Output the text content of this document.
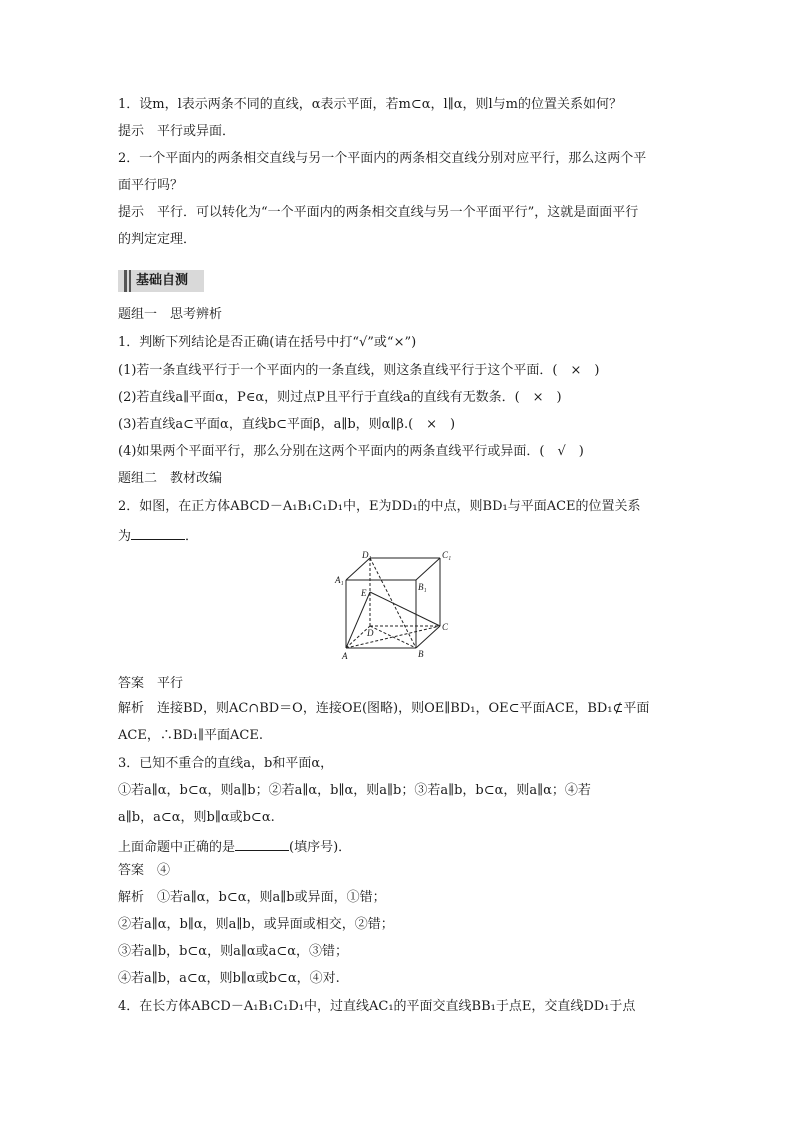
基础自测
1．设m，l表示两条不同的直线，α表示平面，若m⊂α，l∥α，则l与m的位置关系如何？
提示　平行或异面．
2．一个平面内的两条相交直线与另一个平面内的两条相交直线分别对应平行，那么这两个平
面平行吗？
提示　平行．可以转化为“一个平面内的两条相交直线与另一个平面平行”，这就是面面平行
的判定定理．
题组一　思考辨析
1．判断下列结论是否正确(请在括号中打“√”或“×”)
(1)若一条直线平行于一个平面内的一条直线，则这条直线平行于这个平面．(　×　)
(2)若直线a∥平面α，P∈α，则过点P且平行于直线a的直线有无数条．(　×　)
(3)若直线a⊂平面α，直线b⊂平面β，a∥b，则α∥β.(　×　)
(4)如果两个平面平行，那么分别在这两个平面内的两条直线平行或异面．(　√　)
题组二　教材改编
2．如图，在正方体ABCD－A₁B₁C₁D₁中，E为DD₁的中点，则BD₁与平面ACE的位置关系
答案　平行
解析　连接BD，则AC∩BD＝O，连接OE(图略)，则OE∥BD₁，OE⊂平面ACE，BD₁⊄平面
ACE，∴BD₁∥平面ACE.
3．已知不重合的直线a，b和平面α，
①若a∥α，b⊂α，则a∥b；②若a∥α，b∥α，则a∥b；③若a∥b，b⊂α，则a∥α；④若
a∥b，a⊂α，则b∥α或b⊂α.
答案　④
解析　①若a∥α，b⊂α，则a∥b或异面，①错；
②若a∥α，b∥α，则a∥b，或异面或相交，②错；
③若a∥b，b⊂α，则a∥α或a⊂α，③错；
④若a∥b，a⊂α，则b∥α或b⊂α，④对.
4．在长方体ABCD－A₁B₁C₁D₁中，过直线AC₁的平面交直线BB₁于点E，交直线DD₁于点
为	．
上面命题中正确的是	(填序号)．
D₁	C₁
A₁
B₁
E
D
C
A	B
